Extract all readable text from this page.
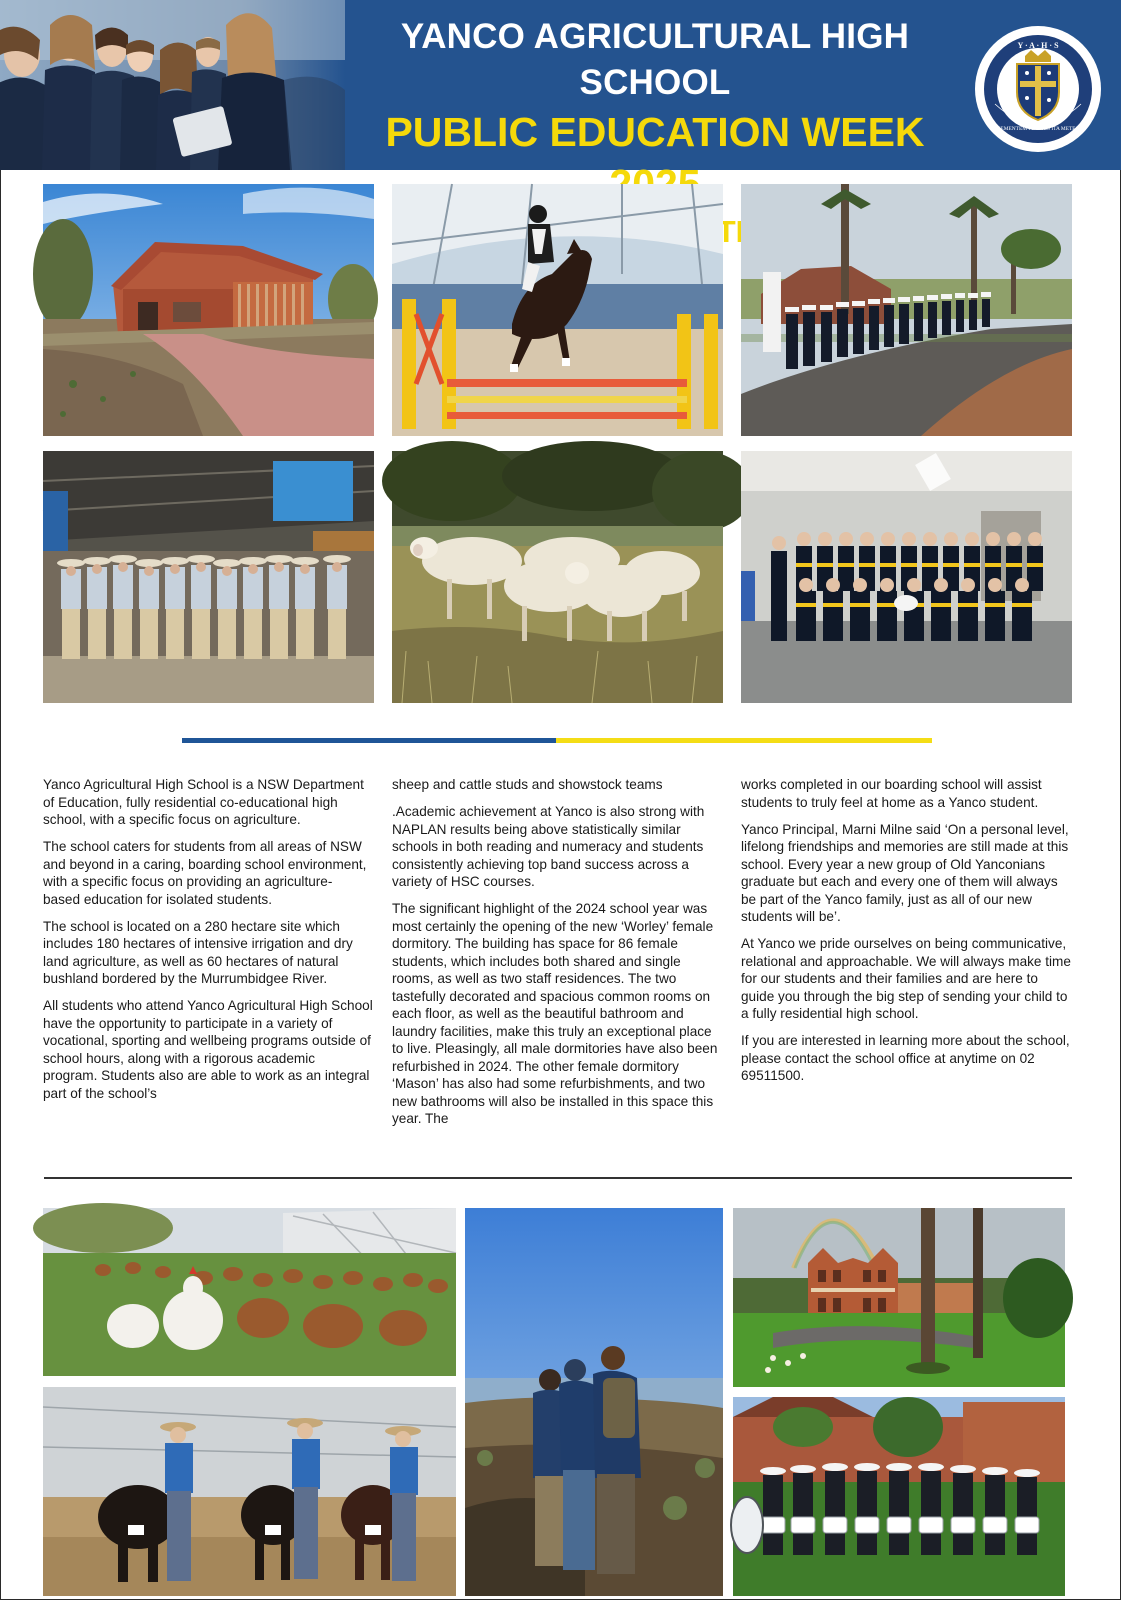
YANCO AGRICULTURAL HIGH SCHOOL
PUBLIC EDUCATION WEEK
Y · A · H · S
SEMENTEM FECERIS ITA METES

Yanco Agricultural High School is a NSW Department of Education, fully residential co-educational high school, with a specific focus on agriculture.

The school caters for students from all areas of NSW and beyond in a caring, boarding school environment, with a specific focus on providing an agriculture- based education for isolated students.

The school is located on a 280 hectare site which includes 180 hectares of intensive irrigation and dry land agriculture, as well as 60 hectares of natural bushland bordered by the Murrumbidgee River.

All students who attend Yanco Agricultural High School have the opportunity to participate in a variety of vocational, sporting and wellbeing programs outside of school hours, along with a rigorous academic program. Students also are able to work as an integral part of the school’s

sheep and cattle studs and showstock teams

.Academic achievement at Yanco is also strong with NAPLAN results being above statistically similar schools in both reading and numeracy and students consistently achieving top band success across a variety of HSC courses.

The significant highlight of the 2024 school year was most certainly the opening of the new ‘Worley’ female dormitory. The building has space for 86 female students, which includes both shared and single rooms, as well as two staff residences. The two tastefully decorated and spacious common rooms on each floor, as well as the beautiful bathroom and laundry facilities, make this truly an exceptional place to live. Pleasingly, all male dormitories have also been refurbished in 2024. The other female dormitory ‘Mason’ has also had some refurbishments, and two new bathrooms will also be installed in this space this year. The

works completed in our boarding school will assist students to truly feel at home as a Yanco student.

Yanco Principal, Marni Milne said ‘On a personal level, lifelong friendships and memories are still made at this school. Every year a new group of Old Yanconians graduate but each and every one of them will always be part of the Yanco family, just as all of our new students will be’.

At Yanco we pride ourselves on being communicative, relational and approachable. We will always make time for our students and their families and are here to guide you through the big step of sending your child to a fully residential high school.

If you are interested in learning more about the school, please contact the school office at anytime on 02 69511500.
